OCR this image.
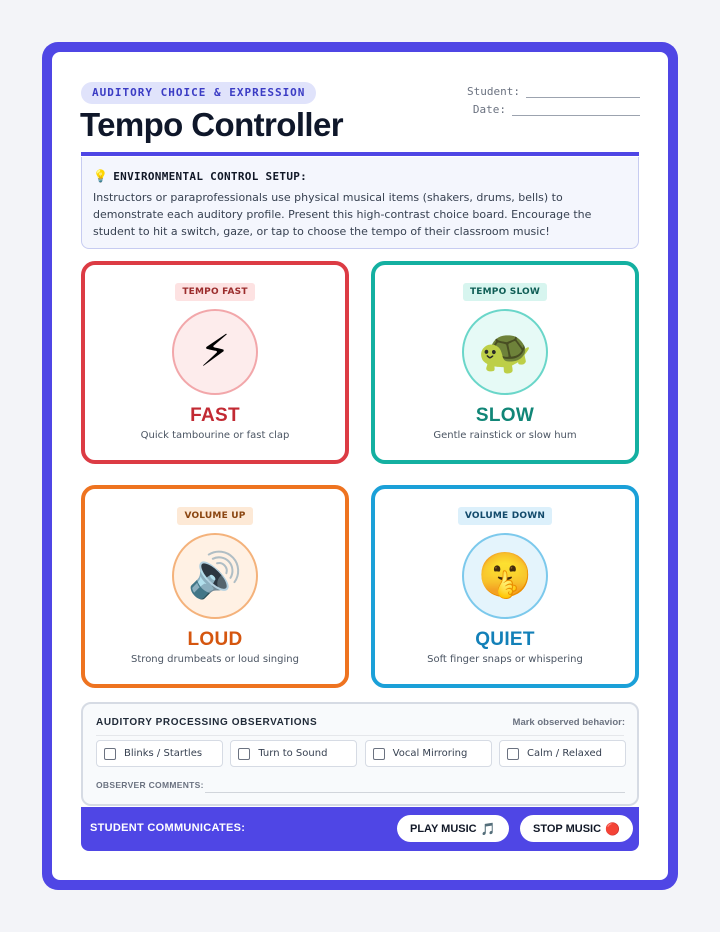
AUDITORY CHOICE & EXPRESSION
Tempo Controller
Student:
Date:
💡 ENVIRONMENTAL CONTROL SETUP:
Instructors or paraprofessionals use physical musical items (shakers, drums, bells) to demonstrate each auditory profile. Present this high-contrast choice board. Encourage the student to hit a switch, gaze, or tap to choose the tempo of their classroom music!
TEMPO FAST
⚡
FAST
Quick tambourine or fast clap
TEMPO SLOW
🐢
SLOW
Gentle rainstick or slow hum
VOLUME UP
🔊
LOUD
Strong drumbeats or loud singing
VOLUME DOWN
🤫
QUIET
Soft finger snaps or whispering
AUDITORY PROCESSING OBSERVATIONS	Mark observed behavior:
Blinks / Startles	Turn to Sound	Vocal Mirroring	Calm / Relaxed
OBSERVER COMMENTS:
STUDENT COMMUNICATES:	PLAY MUSIC 🎵	STOP MUSIC 🔴
